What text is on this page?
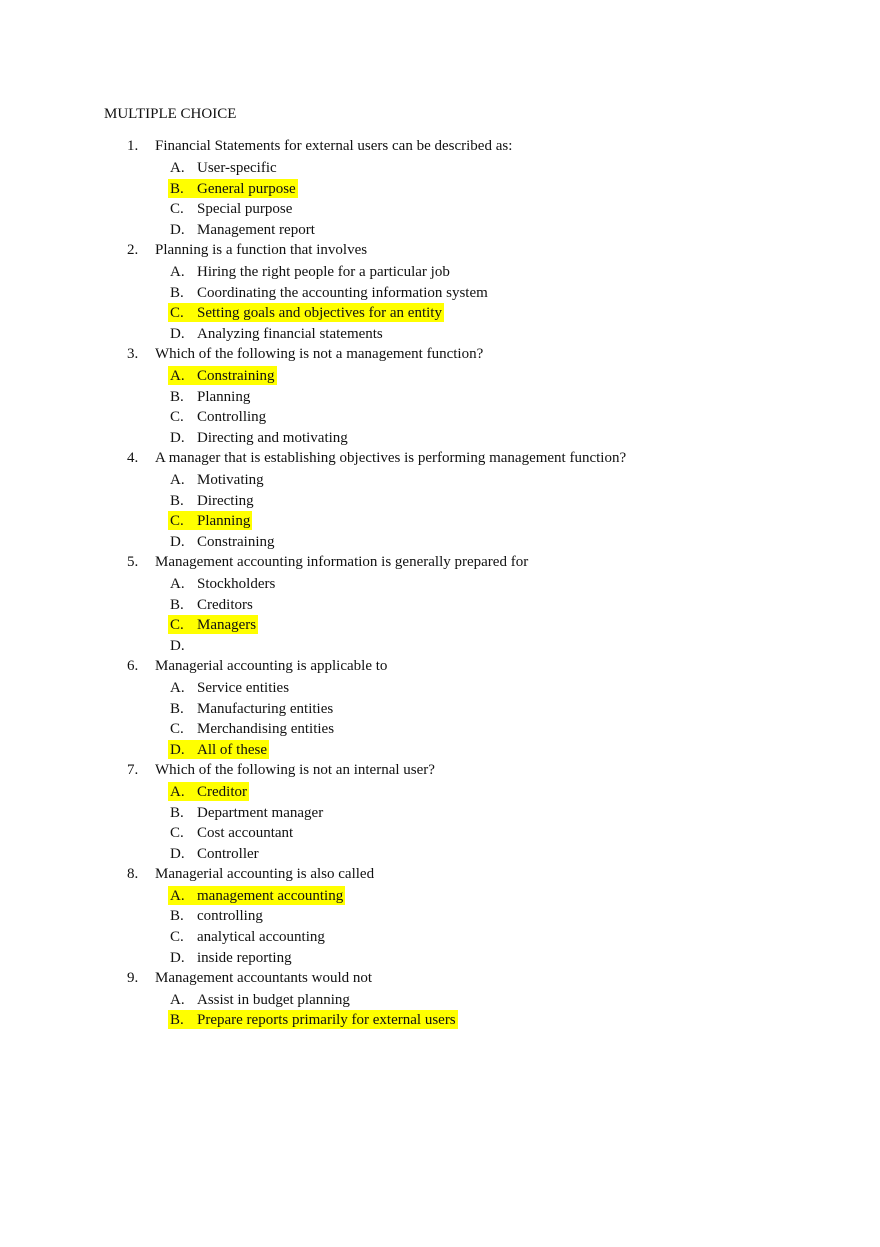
MULTIPLE CHOICE
1.	Financial Statements for external users can be described as:
A. User-specific
B. General purpose
C. Special purpose
D. Management report
2.	Planning is a function that involves
A. Hiring the right people for a particular job
B. Coordinating the accounting information system
C. Setting goals and objectives for an entity
D. Analyzing financial statements
3.	Which of the following is not a management function?
A. Constraining
B. Planning
C. Controlling
D. Directing and motivating
4.	A manager that is establishing objectives is performing management function?
A. Motivating
B. Directing
C. Planning
D. Constraining
5.	Management accounting information is generally prepared for
A. Stockholders
B. Creditors
C. Managers
D.
6.	Managerial accounting is applicable to
A. Service entities
B. Manufacturing entities
C. Merchandising entities
D. All of these
7.	Which of the following is not an internal user?
A. Creditor
B. Department manager
C. Cost accountant
D. Controller
8.	Managerial accounting is also called
A. management accounting
B. controlling
C. analytical accounting
D. inside reporting
9.	Management accountants would not
A. Assist in budget planning
B. Prepare reports primarily for external users
